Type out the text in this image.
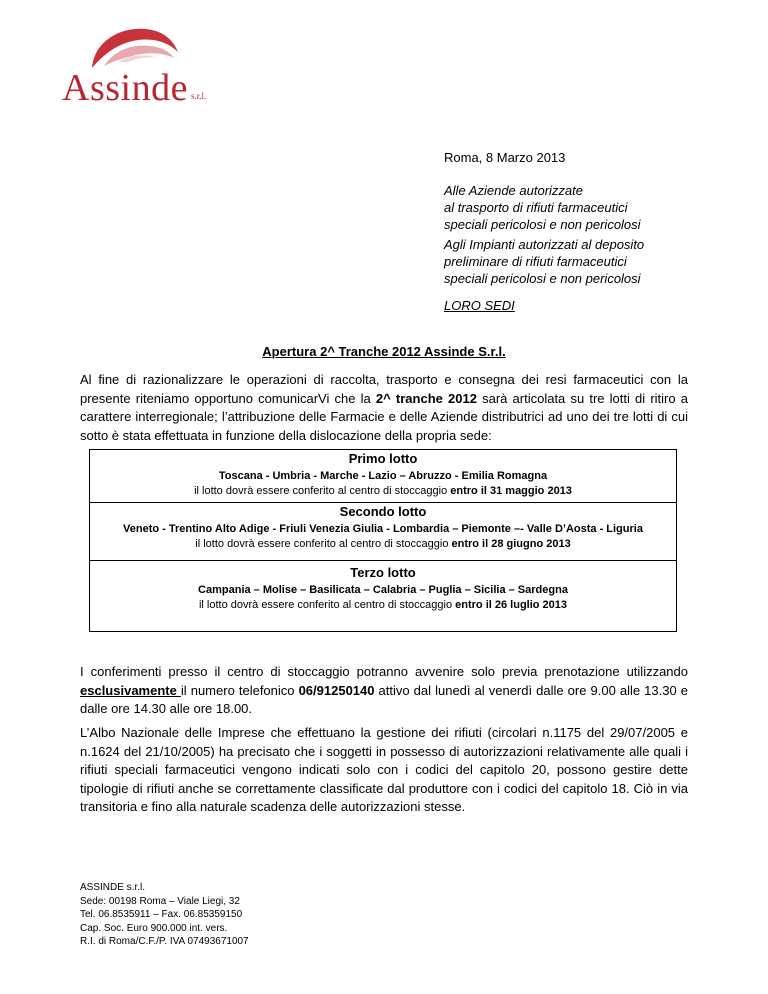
Assinde s.r.l.
Roma, 8 Marzo 2013
Alle Aziende autorizzate
al trasporto di rifiuti farmaceutici
speciali pericolosi e non pericolosi
Agli Impianti autorizzati al deposito
preliminare di rifiuti farmaceutici
speciali pericolosi e non pericolosi
LORO SEDI
Apertura 2^ Tranche 2012 Assinde S.r.l.
Al fine di razionalizzare le operazioni di raccolta, trasporto e consegna dei resi farmaceutici con la presente riteniamo opportuno comunicarVi che la 2^ tranche 2012 sarà articolata su tre lotti di ritiro a carattere interregionale; l’attribuzione delle Farmacie e delle Aziende distributrici ad uno dei tre lotti di cui sotto è stata effettuata in funzione della dislocazione della propria sede:
Primo lotto
Toscana - Umbria - Marche - Lazio – Abruzzo - Emilia Romagna
il lotto dovrà essere conferito al centro di stoccaggio entro il 31 maggio 2013
Secondo lotto
Veneto - Trentino Alto Adige - Friuli Venezia Giulia - Lombardia – Piemonte –- Valle D’Aosta - Liguria
il lotto dovrà essere conferito al centro di stoccaggio entro il 28 giugno 2013
Terzo lotto
Campania – Molise – Basilicata – Calabria – Puglia – Sicilia – Sardegna
il lotto dovrà essere conferito al centro di stoccaggio entro il 26 luglio 2013
I conferimenti presso il centro di stoccaggio potranno avvenire solo previa prenotazione utilizzando esclusivamente il numero telefonico 06/91250140 attivo dal lunedì al venerdì dalle ore 9.00 alle 13.30 e dalle ore 14.30 alle ore 18.00.
L’Albo Nazionale delle Imprese che effettuano la gestione dei rifiuti (circolari n.1175 del 29/07/2005 e n.1624 del 21/10/2005) ha precisato che i soggetti in possesso di autorizzazioni relativamente alle quali i rifiuti speciali farmaceutici vengono indicati solo con i codici del capitolo 20, possono gestire dette tipologie di rifiuti anche se correttamente classificate dal produttore con i codici del capitolo 18. Ciò in via transitoria e fino alla naturale scadenza delle autorizzazioni stesse.
ASSINDE s.r.l.
Sede: 00198 Roma – Viale Liegi, 32
Tel. 06.8535911 – Fax. 06.85359150
Cap. Soc. Euro 900.000 int. vers.
R.I. di Roma/C.F./P. IVA 07493671007
